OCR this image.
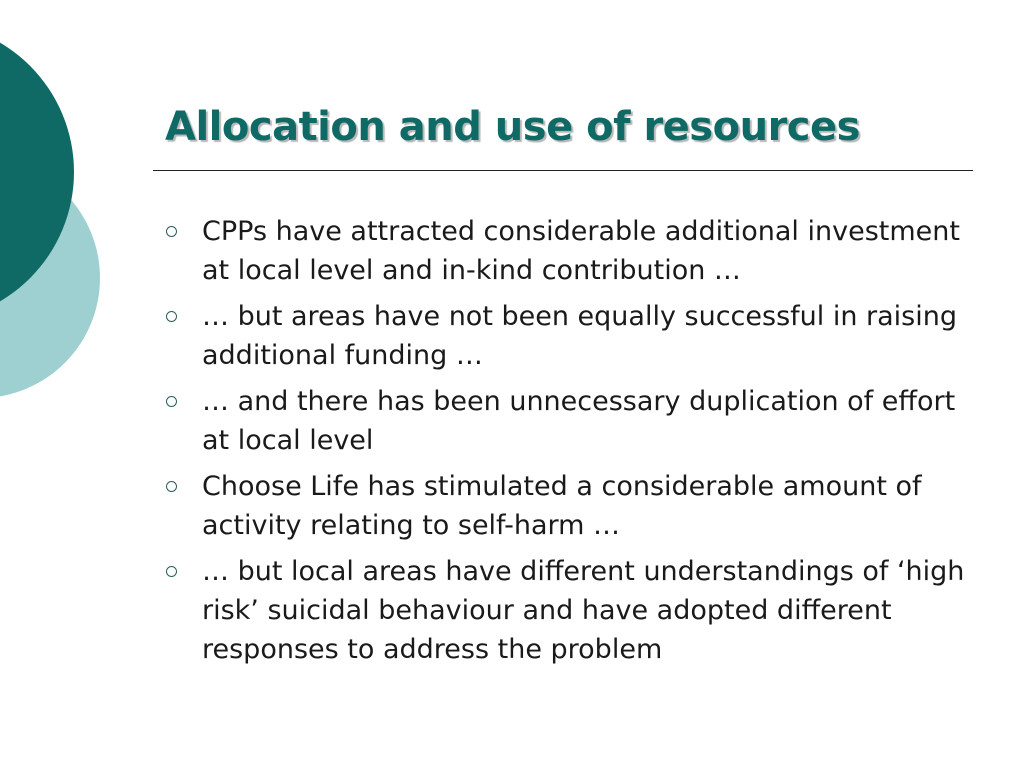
Allocation and use of resources
CPPs have attracted considerable additional investment at local level and in-kind contribution …
… but areas have not been equally successful in raising additional funding …
… and there has been unnecessary duplication of effort at local level
Choose Life has stimulated a considerable amount of activity relating to self-harm …
… but local areas have different understandings of ‘high risk’ suicidal behaviour and have adopted different responses to address the problem
